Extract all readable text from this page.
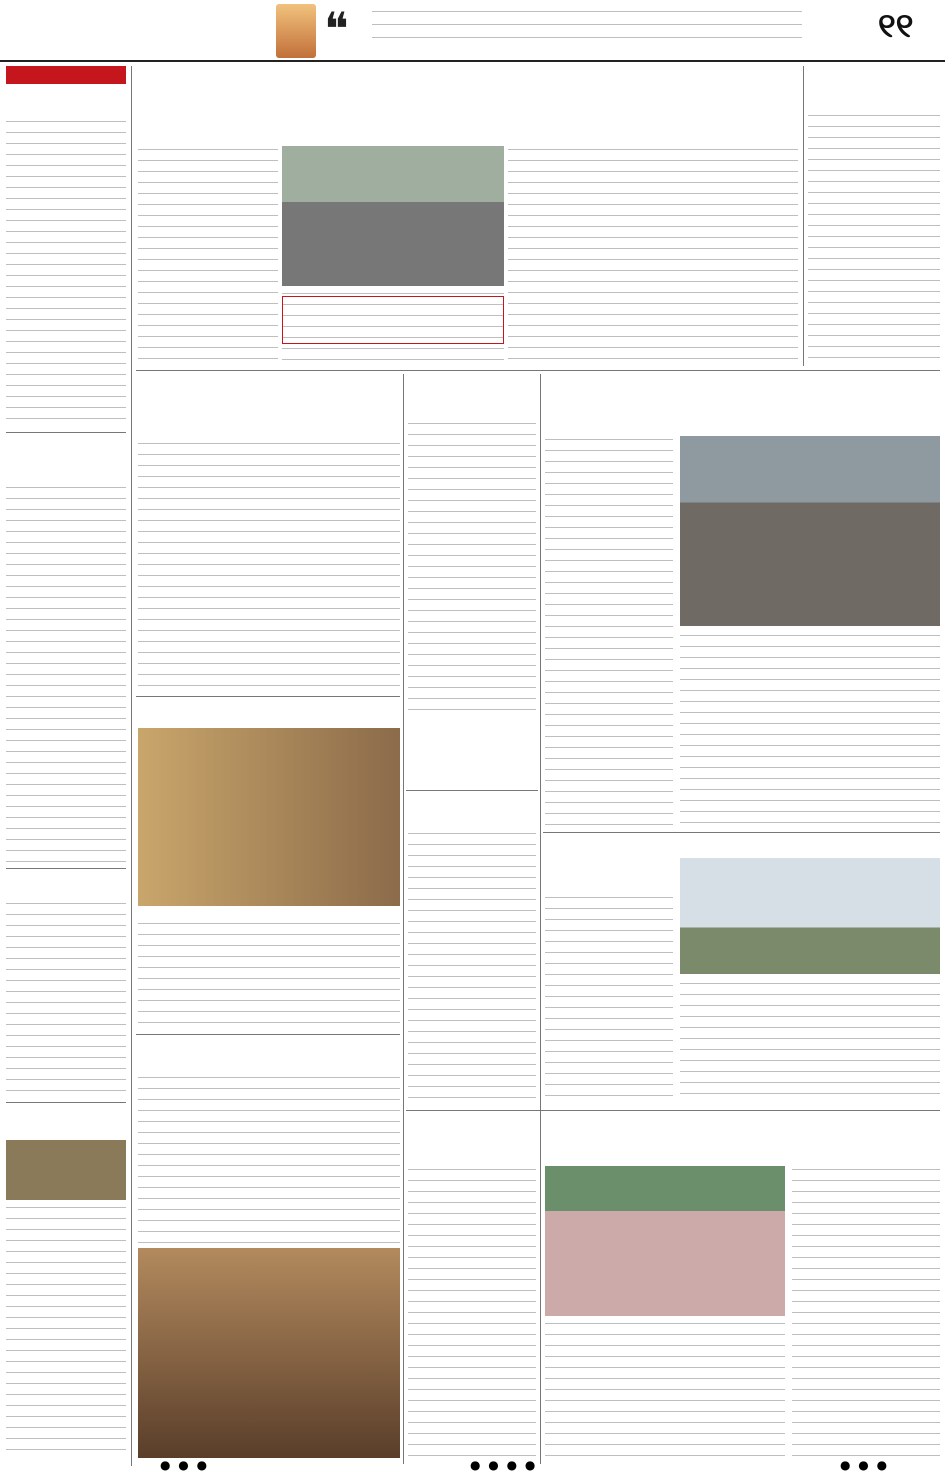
❝	୧୧
● ● ●	● ● ● ●	● ● ●
